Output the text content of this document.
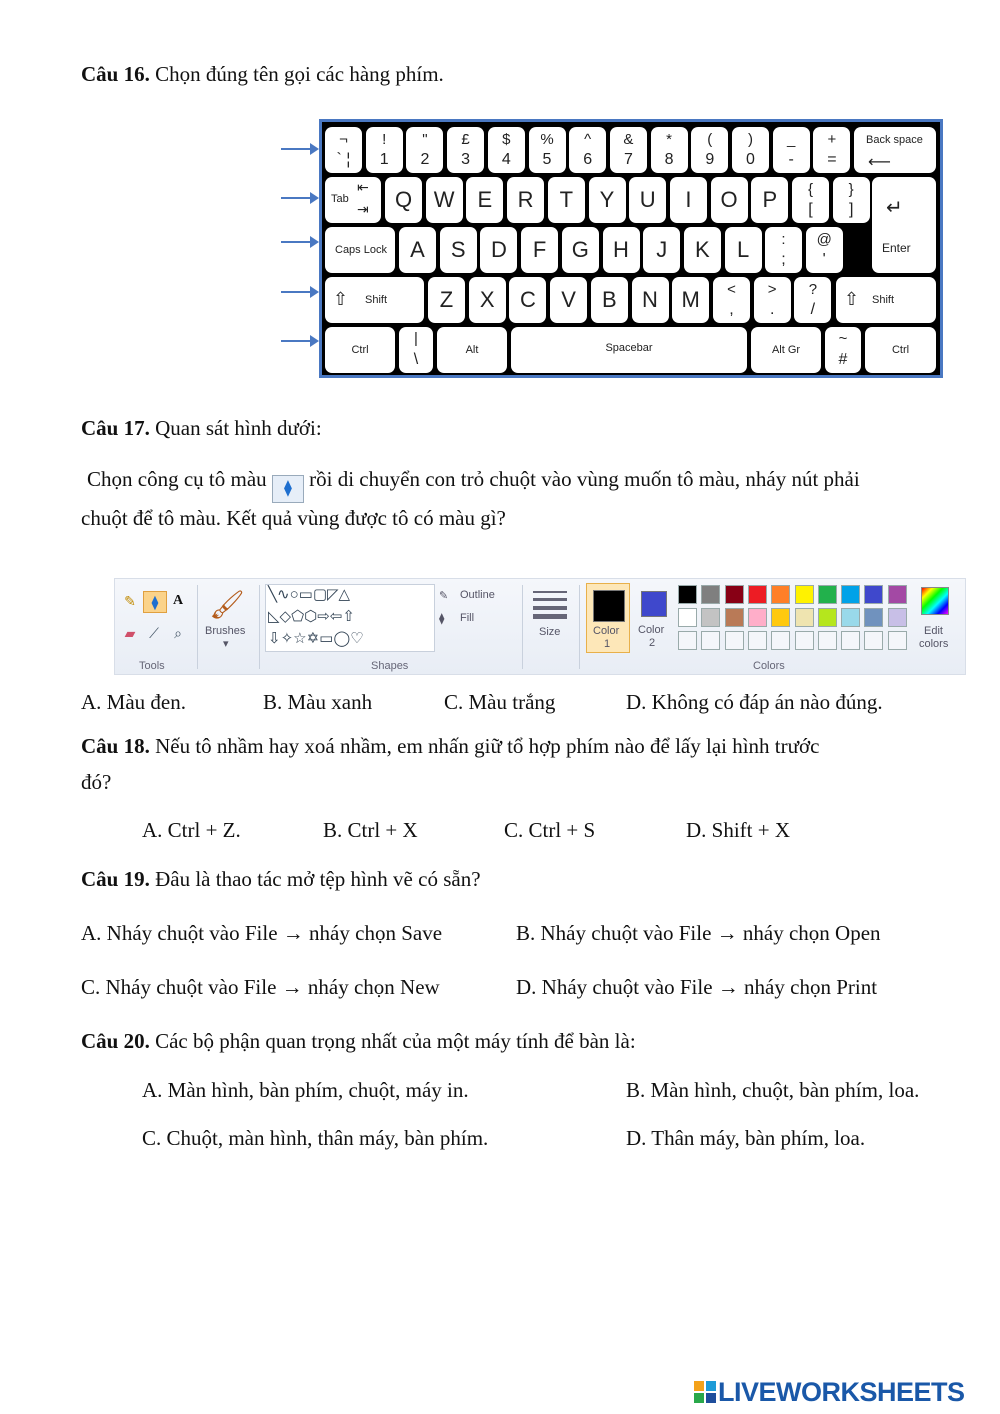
Câu 16. Chọn đúng tên gọi các hàng phím.
Back space
⟵
Tab
⇤
⇥
Enter
↵
Caps Lock
⇧ Shift	⇧ Shift
Ctrl
|
\
Alt	Spacebar	Alt Gr
~
#
Ctrl
¬
` ¦
!
1
"
2
£
3
$
4
%
5
^
6
&
7
*
8
(
9
)
0
_
-
+
=
Q W	E	R	T	Y	U	I	O	P	{
[
}
]
A	S	D	F	G	H	J	K	L	:
;
@
'
Z	X	C	V	B	N	M	<
,
>
.
?
/
Câu 17. Quan sát hình dưới:
Chọn công cụ tô màu ⧫ rồi di chuyển con trỏ chuột vào vùng muốn tô màu, nháy nút phải
chuột để tô màu. Kết quả vùng được tô có màu gì?
✎	⧫	A
▰ ⟋	⌕
Tools
🖌
Brushes
▾
╲∿○▭▢◸△
◺◇⬠⬡⇨⇦⇧
⇩✧☆✡▭◯♡
✎ Outline
⧫ Fill
Shapes
Size	Color
1
Color
2
Colors
Edit
colors
A. Màu đen.	B. Màu xanh	C. Màu trắng	D. Không có đáp án nào đúng.
Câu 18. Nếu tô nhầm hay xoá nhầm, em nhấn giữ tổ hợp phím nào để lấy lại hình trước
đó?
A. Ctrl + Z.	B. Ctrl + X	C. Ctrl + S	D. Shift + X
Câu 19. Đâu là thao tác mở tệp hình vẽ có sẵn?
A. Nháy chuột vào File → nháy chọn Save	B. Nháy chuột vào File → nháy chọn Open
C. Nháy chuột vào File → nháy chọn New	D. Nháy chuột vào File → nháy chọn Print
Câu 20. Các bộ phận quan trọng nhất của một máy tính để bàn là:
A. Màn hình, bàn phím, chuột, máy in.	B. Màn hình, chuột, bàn phím, loa.
C. Chuột, màn hình, thân máy, bàn phím.	D. Thân máy, bàn phím, loa.
LIVEWORKSHEETS
